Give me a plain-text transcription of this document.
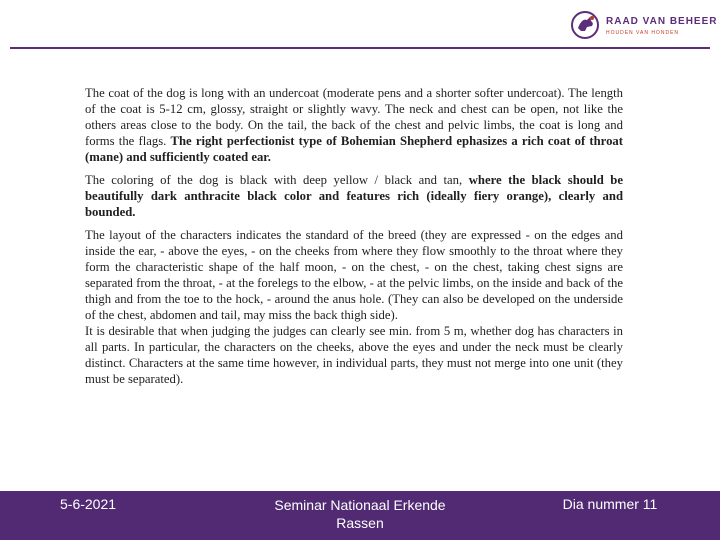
RAAD VAN BEHEER
HOUDEN VAN HONDEN

The coat of the dog is long with an undercoat (moderate pens and a shorter softer undercoat). The length of the coat is 5-12 cm, glossy, straight or slightly wavy. The neck and chest can be open, not like the others areas close to the body. On the tail, the back of the chest and pelvic limbs, the coat is long and forms the flags. The right perfectionist type of Bohemian Shepherd ephasizes a rich coat of throat (mane) and sufficiently coated ear.

The coloring of the dog is black with deep yellow / black and tan, where the black should be beautifully dark anthracite black color and features rich (ideally fiery orange), clearly and bounded.

The layout of the characters indicates the standard of the breed (they are expressed - on the edges and inside the ear, - above the eyes, - on the cheeks from where they flow smoothly to the throat where they form the characteristic shape of the half moon, - on the chest, - on the chest, taking chest signs are separated from the throat, - at the forelegs to the elbow, - at the pelvic limbs, on the inside and back of the thigh and from the toe to the hock, - around the anus hole. (They can also be developed on the underside of the chest, abdomen and tail, may miss the back thigh side).

It is desirable that when judging the judges can clearly see min. from 5 m, whether dog has characters in all parts. In particular, the characters on the cheeks, above the eyes and under the neck must be clearly distinct. Characters at the same time however, in individual parts, they must not merge into one unit (they must be separated).

5-6-2021	Seminar Nationaal Erkende Rassen
Dia nummer 11
